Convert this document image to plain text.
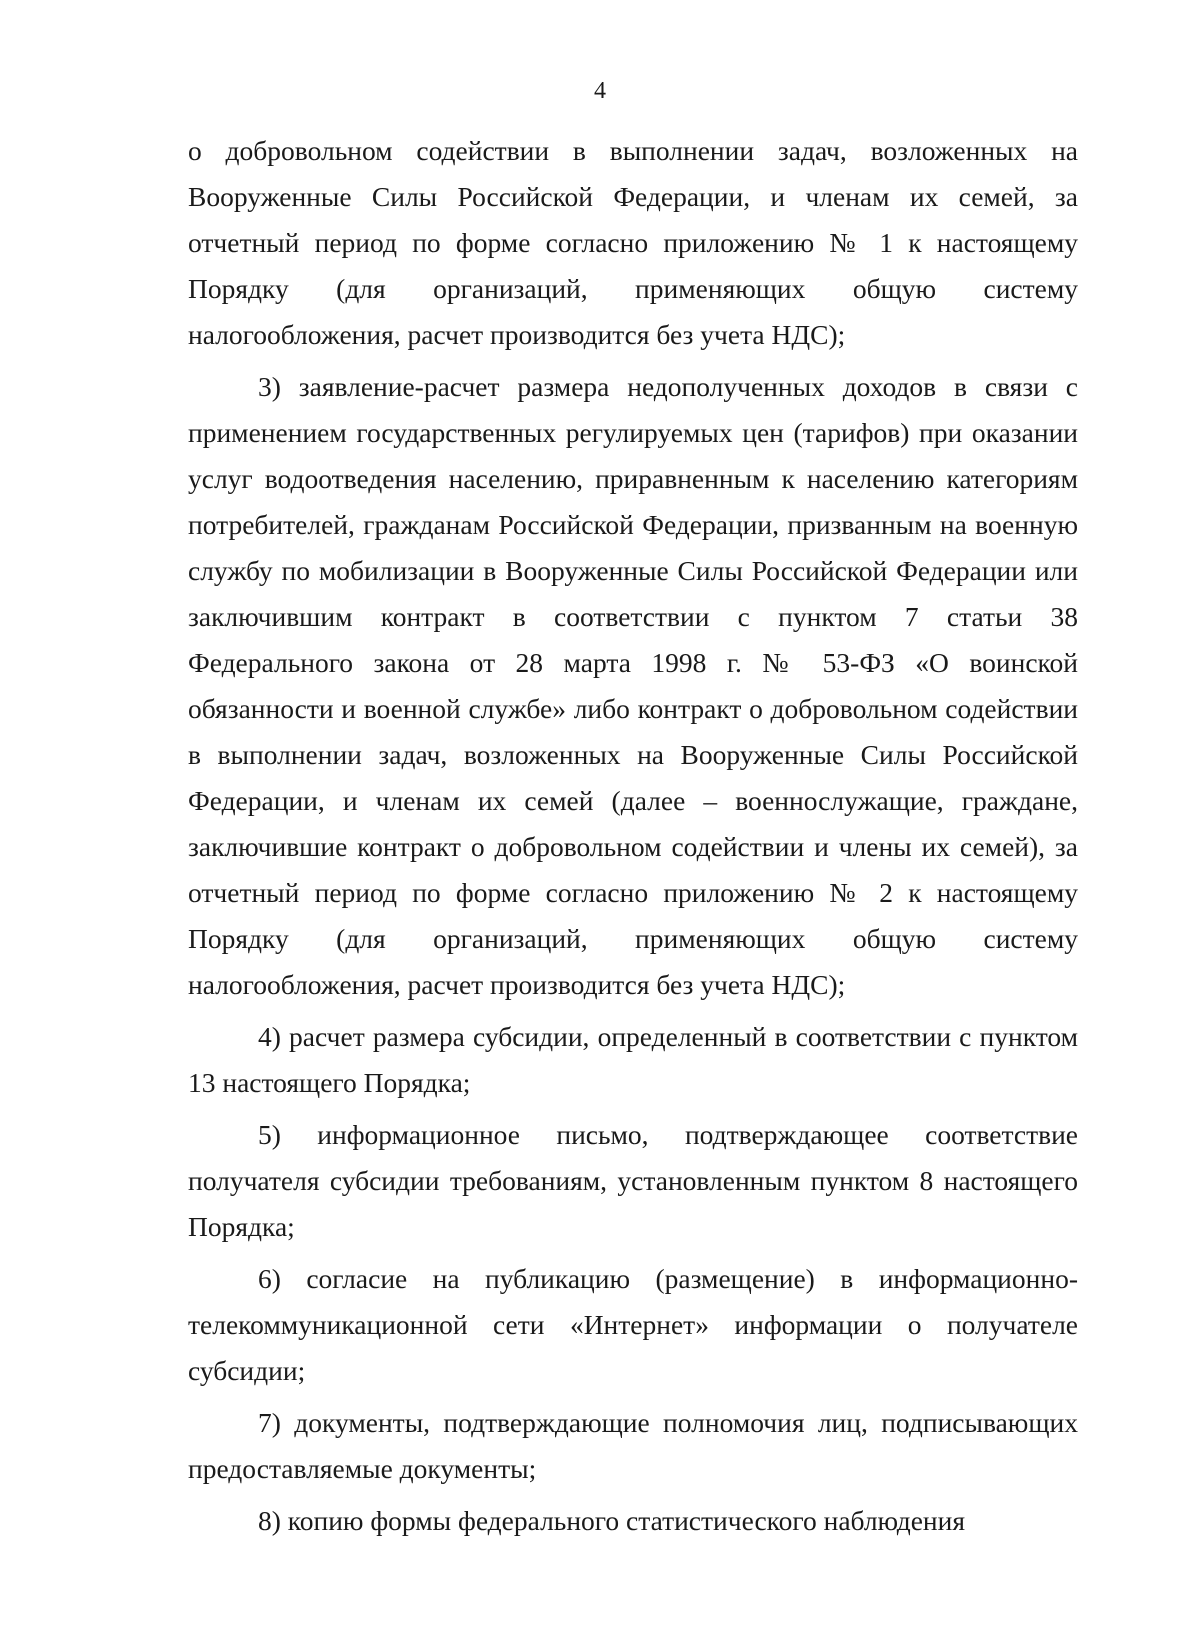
4

о добровольном содействии в выполнении задач, возложенных на Вооруженные Силы Российской Федерации, и членам их семей, за отчетный период по форме согласно приложению № 1 к настоящему Порядку (для организаций, применяющих общую систему налогообложения, расчет производится без учета НДС);

3) заявление-расчет размера недополученных доходов в связи с применением государственных регулируемых цен (тарифов) при оказании услуг водоотведения населению, приравненным к населению категориям потребителей, гражданам Российской Федерации, призванным на военную службу по мобилизации в Вооруженные Силы Российской Федерации или заключившим контракт в соответствии с пунктом 7 статьи 38 Федерального закона от 28 марта 1998 г. № 53-ФЗ «О воинской обязанности и военной службе» либо контракт о добровольном содействии в выполнении задач, возложенных на Вооруженные Силы Российской Федерации, и членам их семей (далее – военнослужащие, граждане, заключившие контракт о добровольном содействии и члены их семей), за отчетный период по форме согласно приложению № 2 к настоящему Порядку (для организаций, применяющих общую систему налогообложения, расчет производится без учета НДС);

4) расчет размера субсидии, определенный в соответствии с пунктом 13 настоящего Порядка;

5) информационное письмо, подтверждающее соответствие получателя субсидии требованиям, установленным пунктом 8 настоящего Порядка;

6) согласие на публикацию (размещение) в информационно-телекоммуникационной сети «Интернет» информации о получателе субсидии;

7) документы, подтверждающие полномочия лиц, подписывающих предоставляемые документы;

8) копию формы федерального статистического наблюдения
